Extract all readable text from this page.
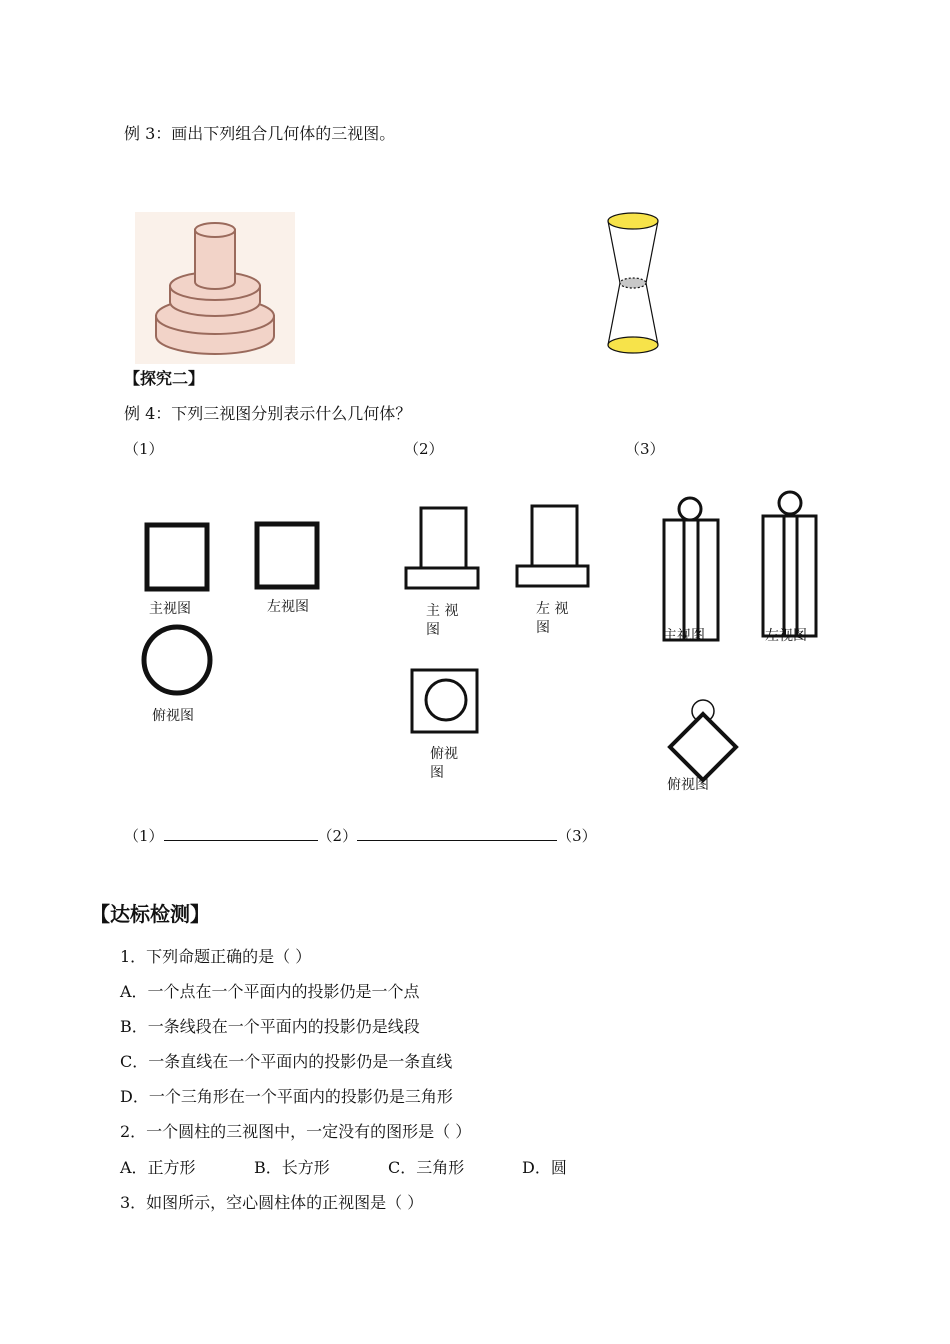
例 3：画出下列组合几何体的三视图。
【探究二】
例 4：下列三视图分别表示什么几何体？
（1）	（2）	（3）
主视图	左视图
俯视图
主 视 图
左 视 图
俯视 图
主视图	左视图
俯视图
（1）	（2）	（3）
【达标检测】
1．下列命题正确的是（ ）
A．一个点在一个平面内的投影仍是一个点
B．一条线段在一个平面内的投影仍是线段
C．一条直线在一个平面内的投影仍是一条直线
D．一个三角形在一个平面内的投影仍是三角形
2．一个圆柱的三视图中，一定没有的图形是（ ）
A．正方形	B．长方形	C．三角形	D．圆
3．如图所示，空心圆柱体的正视图是（ ）
